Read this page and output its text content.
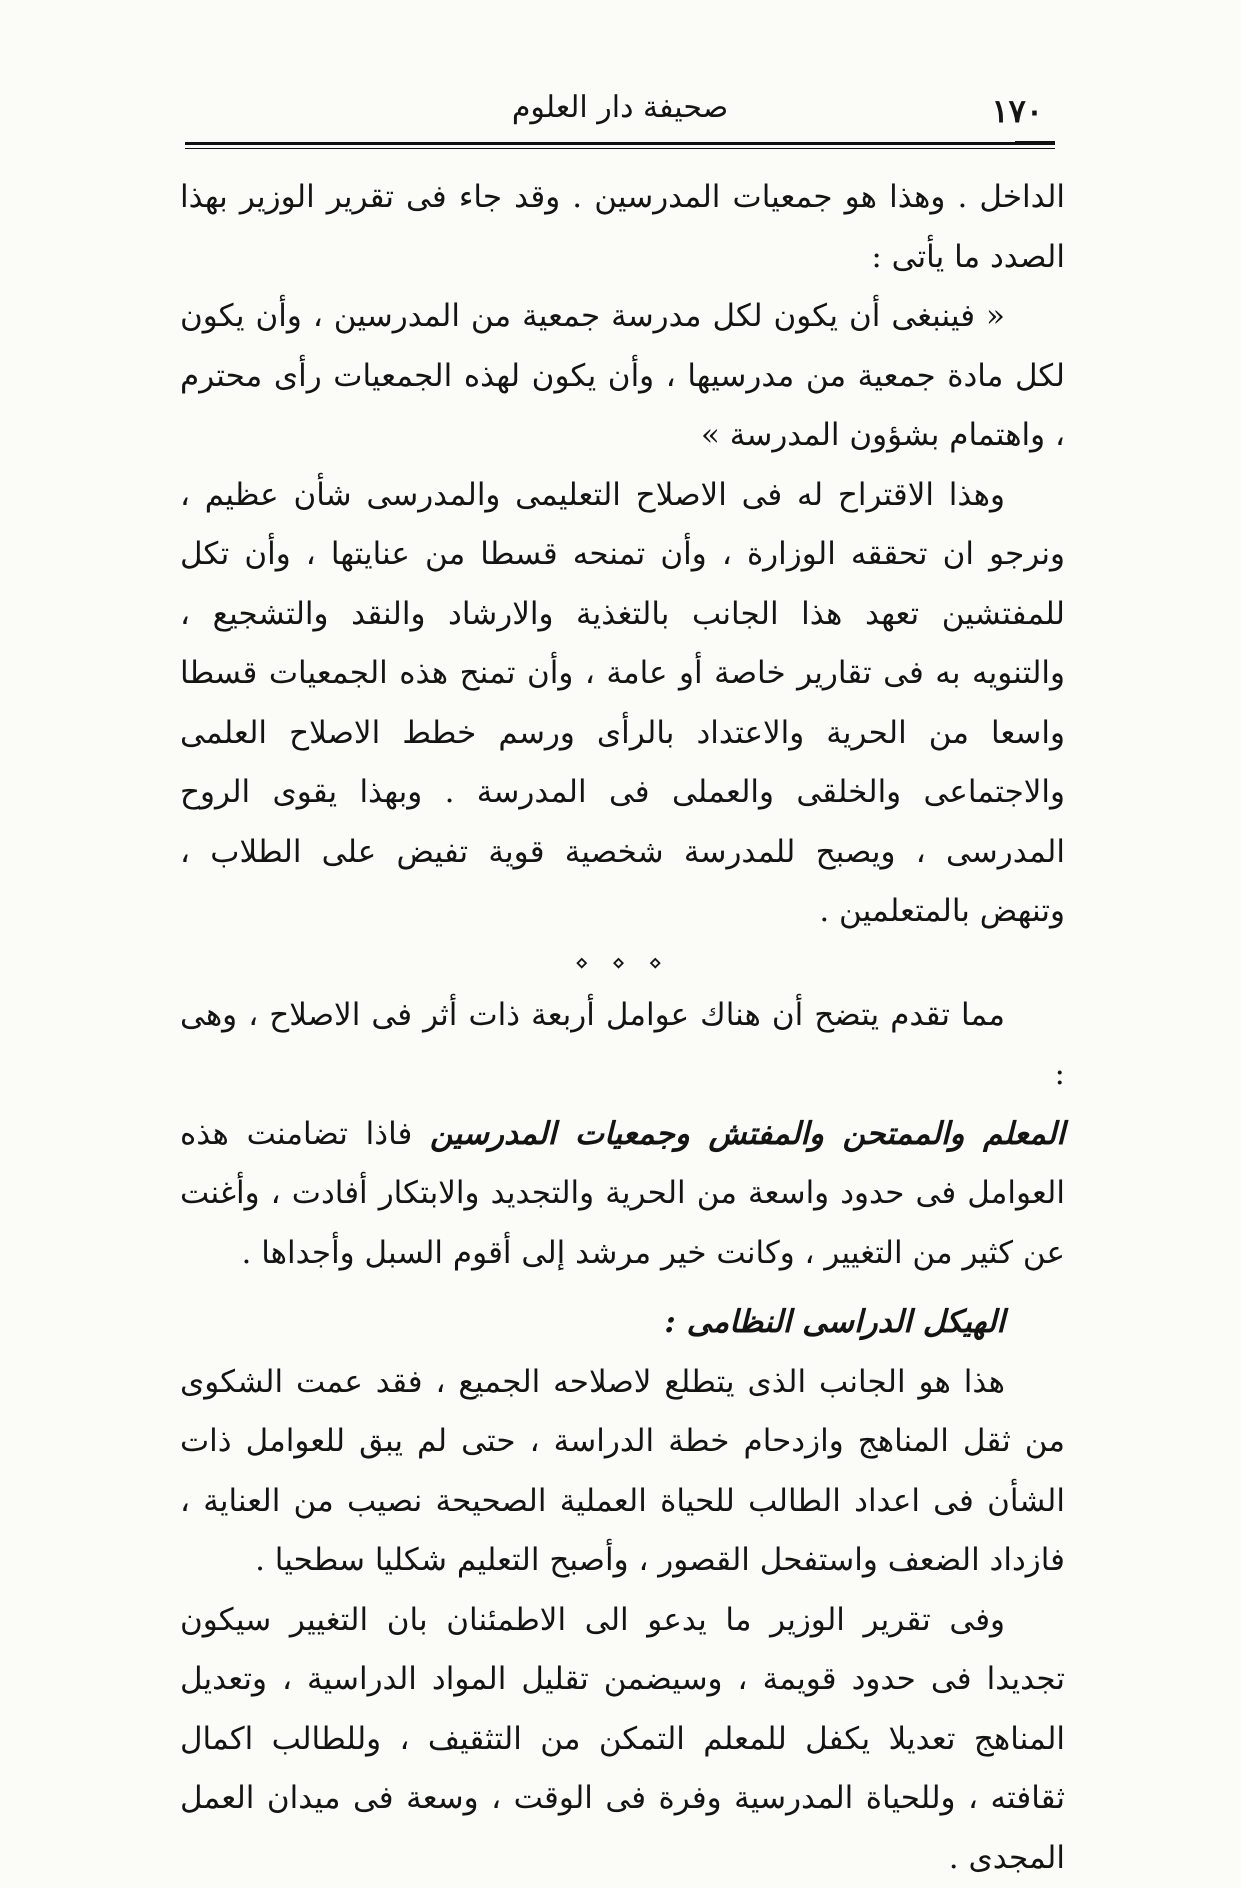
١٧٠
صحيفة دار العلوم

الداخل . وهذا هو جمعيات المدرسين . وقد جاء فى تقرير الوزير بهذا الصدد ما يأتى :

« فينبغى أن يكون لكل مدرسة جمعية من المدرسين ، وأن يكون لكل مادة جمعية من مدرسيها ، وأن يكون لهذه الجمعيات رأى محترم ، واهتمام بشؤون المدرسة »

وهذا الاقتراح له فى الاصلاح التعليمى والمدرسى شأن عظيم ، ونرجو ان تحققه الوزارة ، وأن تمنحه قسطا من عنايتها ، وأن تكل للمفتشين تعهد هذا الجانب بالتغذية والارشاد والنقد والتشجيع ، والتنويه به فى تقارير خاصة أو عامة ، وأن تمنح هذه الجمعيات قسطا واسعا من الحرية والاعتداد بالرأى ورسم خطط الاصلاح العلمى والاجتماعى والخلقى والعملى فى المدرسة . وبهذا يقوى الروح المدرسى ، ويصبح للمدرسة شخصية قوية تفيض على الطلاب ، وتنهض بالمتعلمين .

⋄ ⋄ ⋄

مما تقدم يتضح أن هناك عوامل أربعة ذات أثر فى الاصلاح ، وهى :

المعلم والممتحن والمفتش وجمعيات المدرسين فاذا تضامنت هذه العوامل فى حدود واسعة من الحرية والتجديد والابتكار أفادت ، وأغنت عن كثير من التغيير ، وكانت خير مرشد إلى أقوم السبل وأجداها .

الهيكل الدراسى النظامى :

هذا هو الجانب الذى يتطلع لاصلاحه الجميع ، فقد عمت الشكوى من ثقل المناهج وازدحام خطة الدراسة ، حتى لم يبق للعوامل ذات الشأن فى اعداد الطالب للحياة العملية الصحيحة نصيب من العناية ، فازداد الضعف واستفحل القصور ، وأصبح التعليم شكليا سطحيا .

وفى تقرير الوزير ما يدعو الى الاطمئنان بان التغيير سيكون تجديدا فى حدود قويمة ، وسيضمن تقليل المواد الدراسية ، وتعديل المناهج تعديلا يكفل للمعلم التمكن من التثقيف ، وللطالب اكمال ثقافته ، وللحياة المدرسية وفرة فى الوقت ، وسعة فى ميدان العمل المجدى .
